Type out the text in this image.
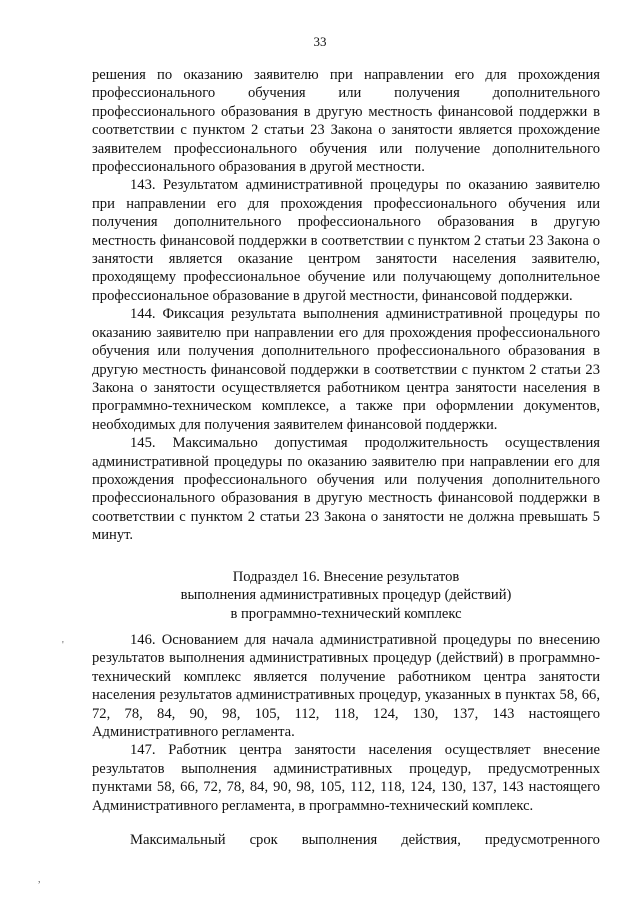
33

решения по оказанию заявителю при направлении его для прохождения профессионального обучения или получения дополнительного профессионального образования в другую местность финансовой поддержки в соответствии с пунктом 2 статьи 23 Закона о занятости является прохождение заявителем профессионального обучения или получение дополнительного профессионального образования в другой местности.

143. Результатом административной процедуры по оказанию заявителю при направлении его для прохождения профессионального обучения или получения дополнительного профессионального образования в другую местность финансовой поддержки в соответствии с пунктом 2 статьи 23 Закона о занятости является оказание центром занятости населения заявителю, проходящему профессиональное обучение или получающему дополнительное профессиональное образование в другой местности, финансовой поддержки.

144. Фиксация результата выполнения административной процедуры по оказанию заявителю при направлении его для прохождения профессионального обучения или получения дополнительного профессионального образования в другую местность финансовой поддержки в соответствии с пунктом 2 статьи 23 Закона о занятости осуществляется работником центра занятости населения в программно-техническом комплексе, а также при оформлении документов, необходимых для получения заявителем финансовой поддержки.

145. Максимально допустимая продолжительность осуществления административной процедуры по оказанию заявителю при направлении его для прохождения профессионального обучения или получения дополнительного профессионального образования в другую местность финансовой поддержки в соответствии с пунктом 2 статьи 23 Закона о занятости не должна превышать 5 минут.

Подраздел 16. Внесение результатов
выполнения административных процедур (действий)
в программно-технический комплекс

146. Основанием для начала административной процедуры по внесению результатов выполнения административных процедур (действий) в программно-технический комплекс является получение работником центра занятости населения результатов административных процедур, указанных в пунктах 58, 66, 72, 78, 84, 90, 98, 105, 112, 118, 124, 130, 137, 143 настоящего Административного регламента.

147. Работник центра занятости населения осуществляет внесение результатов выполнения административных процедур, предусмотренных пунктами 58, 66, 72, 78, 84, 90, 98, 105, 112, 118, 124, 130, 137, 143 настоящего Административного регламента, в программно-технический комплекс.

Максимальный срок выполнения действия, предусмотренного
'
,
